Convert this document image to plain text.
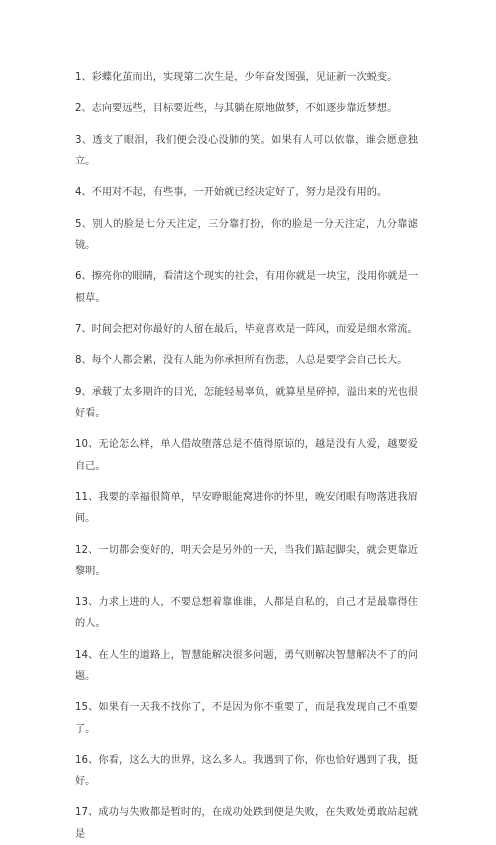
1、彩蝶化茧而出，实现第二次生是，少年奋发图强，见证新一次蜕变。

2、志向要远些，目标要近些，与其躺在原地做梦，不如逐步靠近梦想。

3、透支了眼泪，我们便会没心没肺的笑。如果有人可以依靠，谁会愿意独立。

4、不用对不起，有些事，一开始就已经决定好了，努力是没有用的。

5、别人的脸是七分天注定，三分靠打扮，你的脸是一分天注定，九分靠滤镜。

6、擦亮你的眼睛，看清这个现实的社会，有用你就是一块宝，没用你就是一根草。

7、时间会把对你最好的人留在最后，毕竟喜欢是一阵风，而爱是细水常流。

8、每个人都会累，没有人能为你承担所有伤悲，人总是要学会自己长大。

9、承载了太多期许的目光，怎能轻易辜负，就算星星碎掉，溢出来的光也很好看。

10、无论怎么样，单人借故堕落总是不值得原谅的，越是没有人爱，越要爱自己。

11、我要的幸福很简单，早安睁眼能窝进你的怀里，晚安闭眼有吻落进我眉间。

12、一切都会变好的，明天会是另外的一天，当我们踮起脚尖，就会更靠近黎明。

13、力求上进的人，不要总想着靠谁谁，人都是自私的，自己才是最靠得住的人。

14、在人生的道路上，智慧能解决很多问题，勇气则解决智慧解决不了的问题。

15、如果有一天我不找你了，不是因为你不重要了，而是我发现自己不重要了。

16、你看，这么大的世界，这么多人。我遇到了你，你也恰好遇到了我，挺好。

17、成功与失败都是暂时的，在成功处跌到便是失败，在失败处勇敢站起就是
